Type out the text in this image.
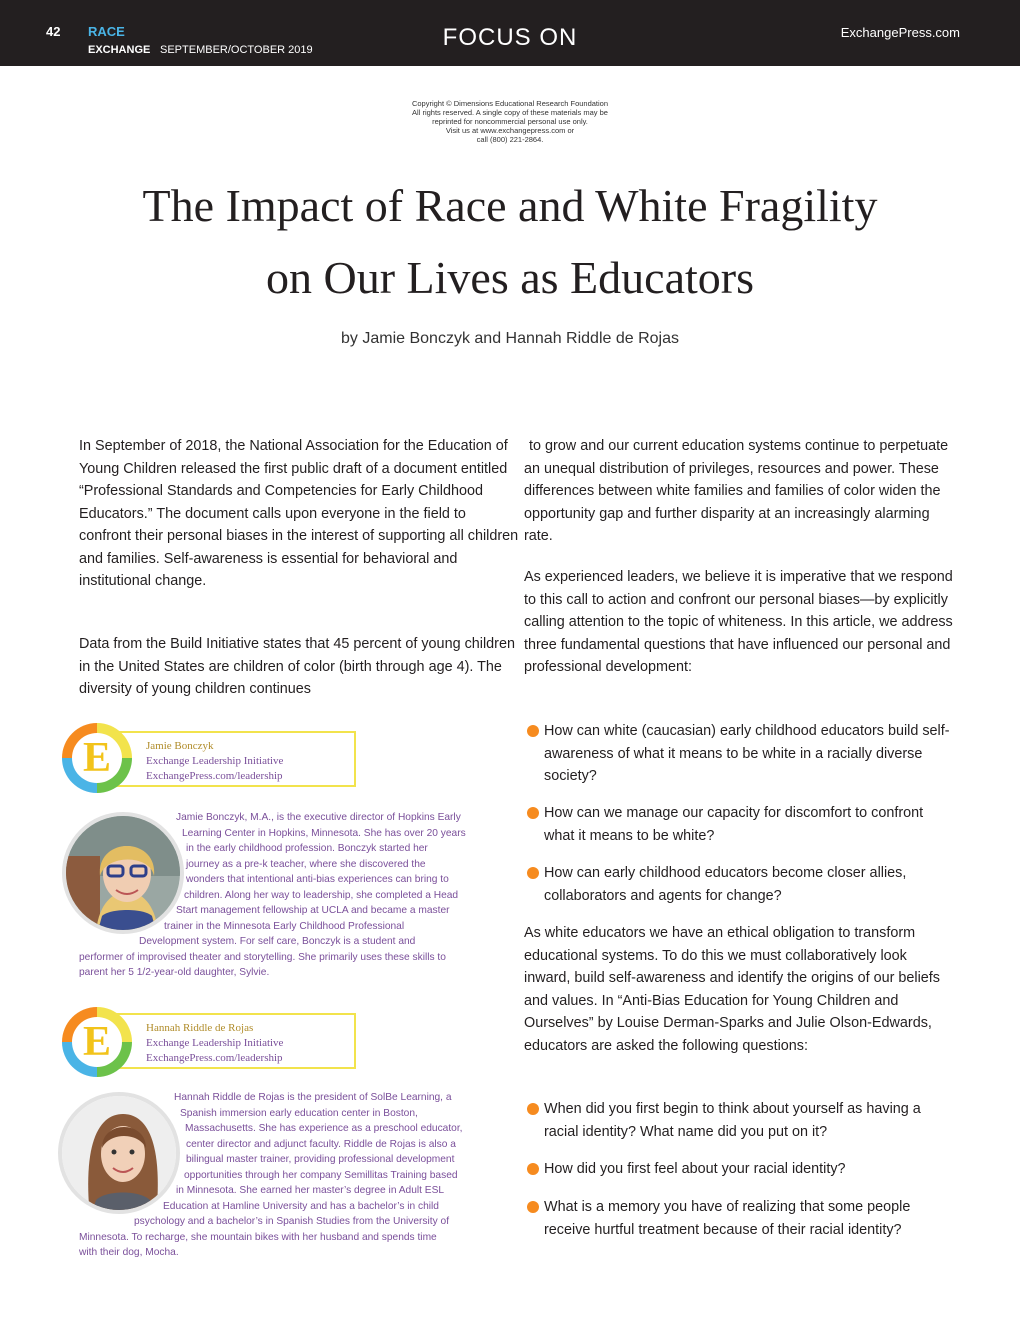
42 RACE
EXCHANGE SEPTEMBER/OCTOBER 2019	FOCUS ON	ExchangePress.com
Copyright © Dimensions Educational Research Foundation
All rights reserved. A single copy of these materials may be
reprinted for noncommercial personal use only.
Visit us at www.exchangepress.com or
call (800) 221-2864.
The Impact of Race and White Fragility
on Our Lives as Educators
by Jamie Bonczyk and Hannah Riddle de Rojas

In September of 2018, the National Association for the Education of Young Children released the first public draft of a document entitled “Professional Standards and Competencies for Early Childhood Educators.” The document calls upon everyone in the field to confront their personal biases in the interest of supporting all children and families. Self-awareness is essential for behavioral and institutional change.

Data from the Build Initiative states that 45 percent of young children in the United States are children of color (birth through age 4). The diversity of young children continues

to grow and our current education systems continue to perpetuate an unequal distribution of privileges, resources and power. These differences between white families and families of color widen the opportunity gap and further disparity at an increasingly alarming rate.

As experienced leaders, we believe it is imperative that we respond to this call to action and confront our personal biases—by explicitly calling attention to the topic of whiteness. In this article, we address three fundamental questions that have influenced our personal and professional development:

How can white (caucasian) early childhood educators build self-awareness of what it means to be white in a racially diverse society?
How can we manage our capacity for discomfort to confront what it means to be white?
How can early childhood educators become closer allies, collaborators and agents for change?

As white educators we have an ethical obligation to transform educational systems. To do this we must collaboratively look inward, build self-awareness and identify the origins of our beliefs and values. In “Anti-Bias Education for Young Children and Ourselves” by Louise Derman-Sparks and Julie Olson-Edwards, educators are asked the following questions:

When did you first begin to think about yourself as having a racial identity? What name did you put on it?
How did you first feel about your racial identity?
What is a memory you have of realizing that some people receive hurtful treatment because of their racial identity?
Jamie Bonczyk
Exchange Leadership Initiative
ExchangePress.com/leadership
E
Jamie Bonczyk, M.A., is the executive director of Hopkins Early
Learning Center in Hopkins, Minnesota. She has over 20 years
in the early childhood profession. Bonczyk started her
journey as a pre-k teacher, where she discovered the
wonders that intentional anti-bias experiences can bring to
children. Along her way to leadership, she completed a Head
Start management fellowship at UCLA and became a master
trainer in the Minnesota Early Childhood Professional
Development system. For self care, Bonczyk is a student and
performer of improvised theater and storytelling. She primarily uses these skills to
parent her 5 1/2-year-old daughter, Sylvie.
Hannah Riddle de Rojas
Exchange Leadership Initiative
ExchangePress.com/leadership
E
Hannah Riddle de Rojas is the president of SolBe Learning, a
Spanish immersion early education center in Boston,
Massachusetts. She has experience as a preschool educator,
center director and adjunct faculty. Riddle de Rojas is also a
bilingual master trainer, providing professional development
opportunities through her company Semillitas Training based
in Minnesota. She earned her master’s degree in Adult ESL
Education at Hamline University and has a bachelor’s in child
psychology and a bachelor’s in Spanish Studies from the University of
Minnesota. To recharge, she mountain bikes with her husband and spends time
with their dog, Mocha.
